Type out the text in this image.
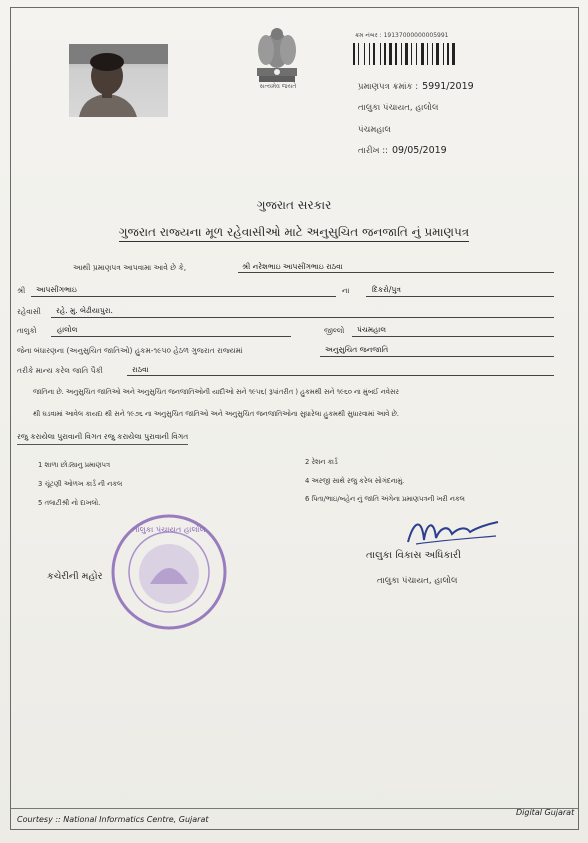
સત્યમેવ જયતે
ક્રમ નંબર : 19137000000005991
પ્રમાણપત્ર ક્રમાંક : 5991/2019
તાલુકા પંચાયત, હાલોલ
પંચમહાલ
તારીખ :: 09/05/2019
ગુજરાત સરકાર
ગુજરાત રાજ્યના મૂળ રહેવાસીઓ માટે અનુસુચિત જનજાતિ નું પ્રમાણપત્ર
આથી પ્રમાણપત્ર આપવામા આવે છે કે,	શ્રી નરેશભાઇ આપસીંગભાઇ રાઠવા
શ્રી આપસીંગભાઇ	ના	દિકરો/પુત્ર
રહેવાસી રહે. મુ. બેઢીયાપુરા.
તાલુકો	હાલોલ	જીલ્લો પંચમહાલ
જેના બંધારણના (અનુસુચિત જાતિઓ) હુકમ-૧૯૫૦ હેઠળ ગુજરાત રાજ્યમાં	અનુસુચિત જનજાતિ
તરીકે માન્ય કરેલ જાતિ પૈકી	રાઠવા
જાતિના છે. અનુસુચિત જાતિઓ અને અનુસુચિત જનજાતિઓની યાદીઓ સને ૧૯૫૬( રૂપાંતરીત ) હુકમથી સને ૧૯૬૦ ના મુંબઈ નવેસર
થી ઘડવામાં આવેલ કાયદા થી સને ૧૯૭૬ ના અનુસુચિત જાતિઓ અને અનુસુચિત જનજાતિઓના સુધારેલા હુકમથી સુધારવામાં આવે છે.
રજુ કરાયેલા પુરાવાની વિગત રજુ કરાયેલા પુરાવાની વિગત
1 શાળા છોડ્યાનુ પ્રમાણપત્ર	2 રેશન કાર્ડ
3 ચૂંટણી ઓળખ કાર્ડ ની નકલ	4 અરજી સાથે રજુ કરેલ સોગંદનામું.
5 તલાટીશ્રી નો દાખલો.	6 પિતા/ભાઇ/બહેન નું જાતિ અંગેના પ્રમાણપત્રની ખરી નકલ
તાલુકા પંચાયત હાલોલ
કચેરીની મહોર
તાલુકા વિકાસ અધિકારી
તાલુકા પંચાયત, હાલોલ
Courtesy :: National Informatics Centre, Gujarat
Digital Gujarat
